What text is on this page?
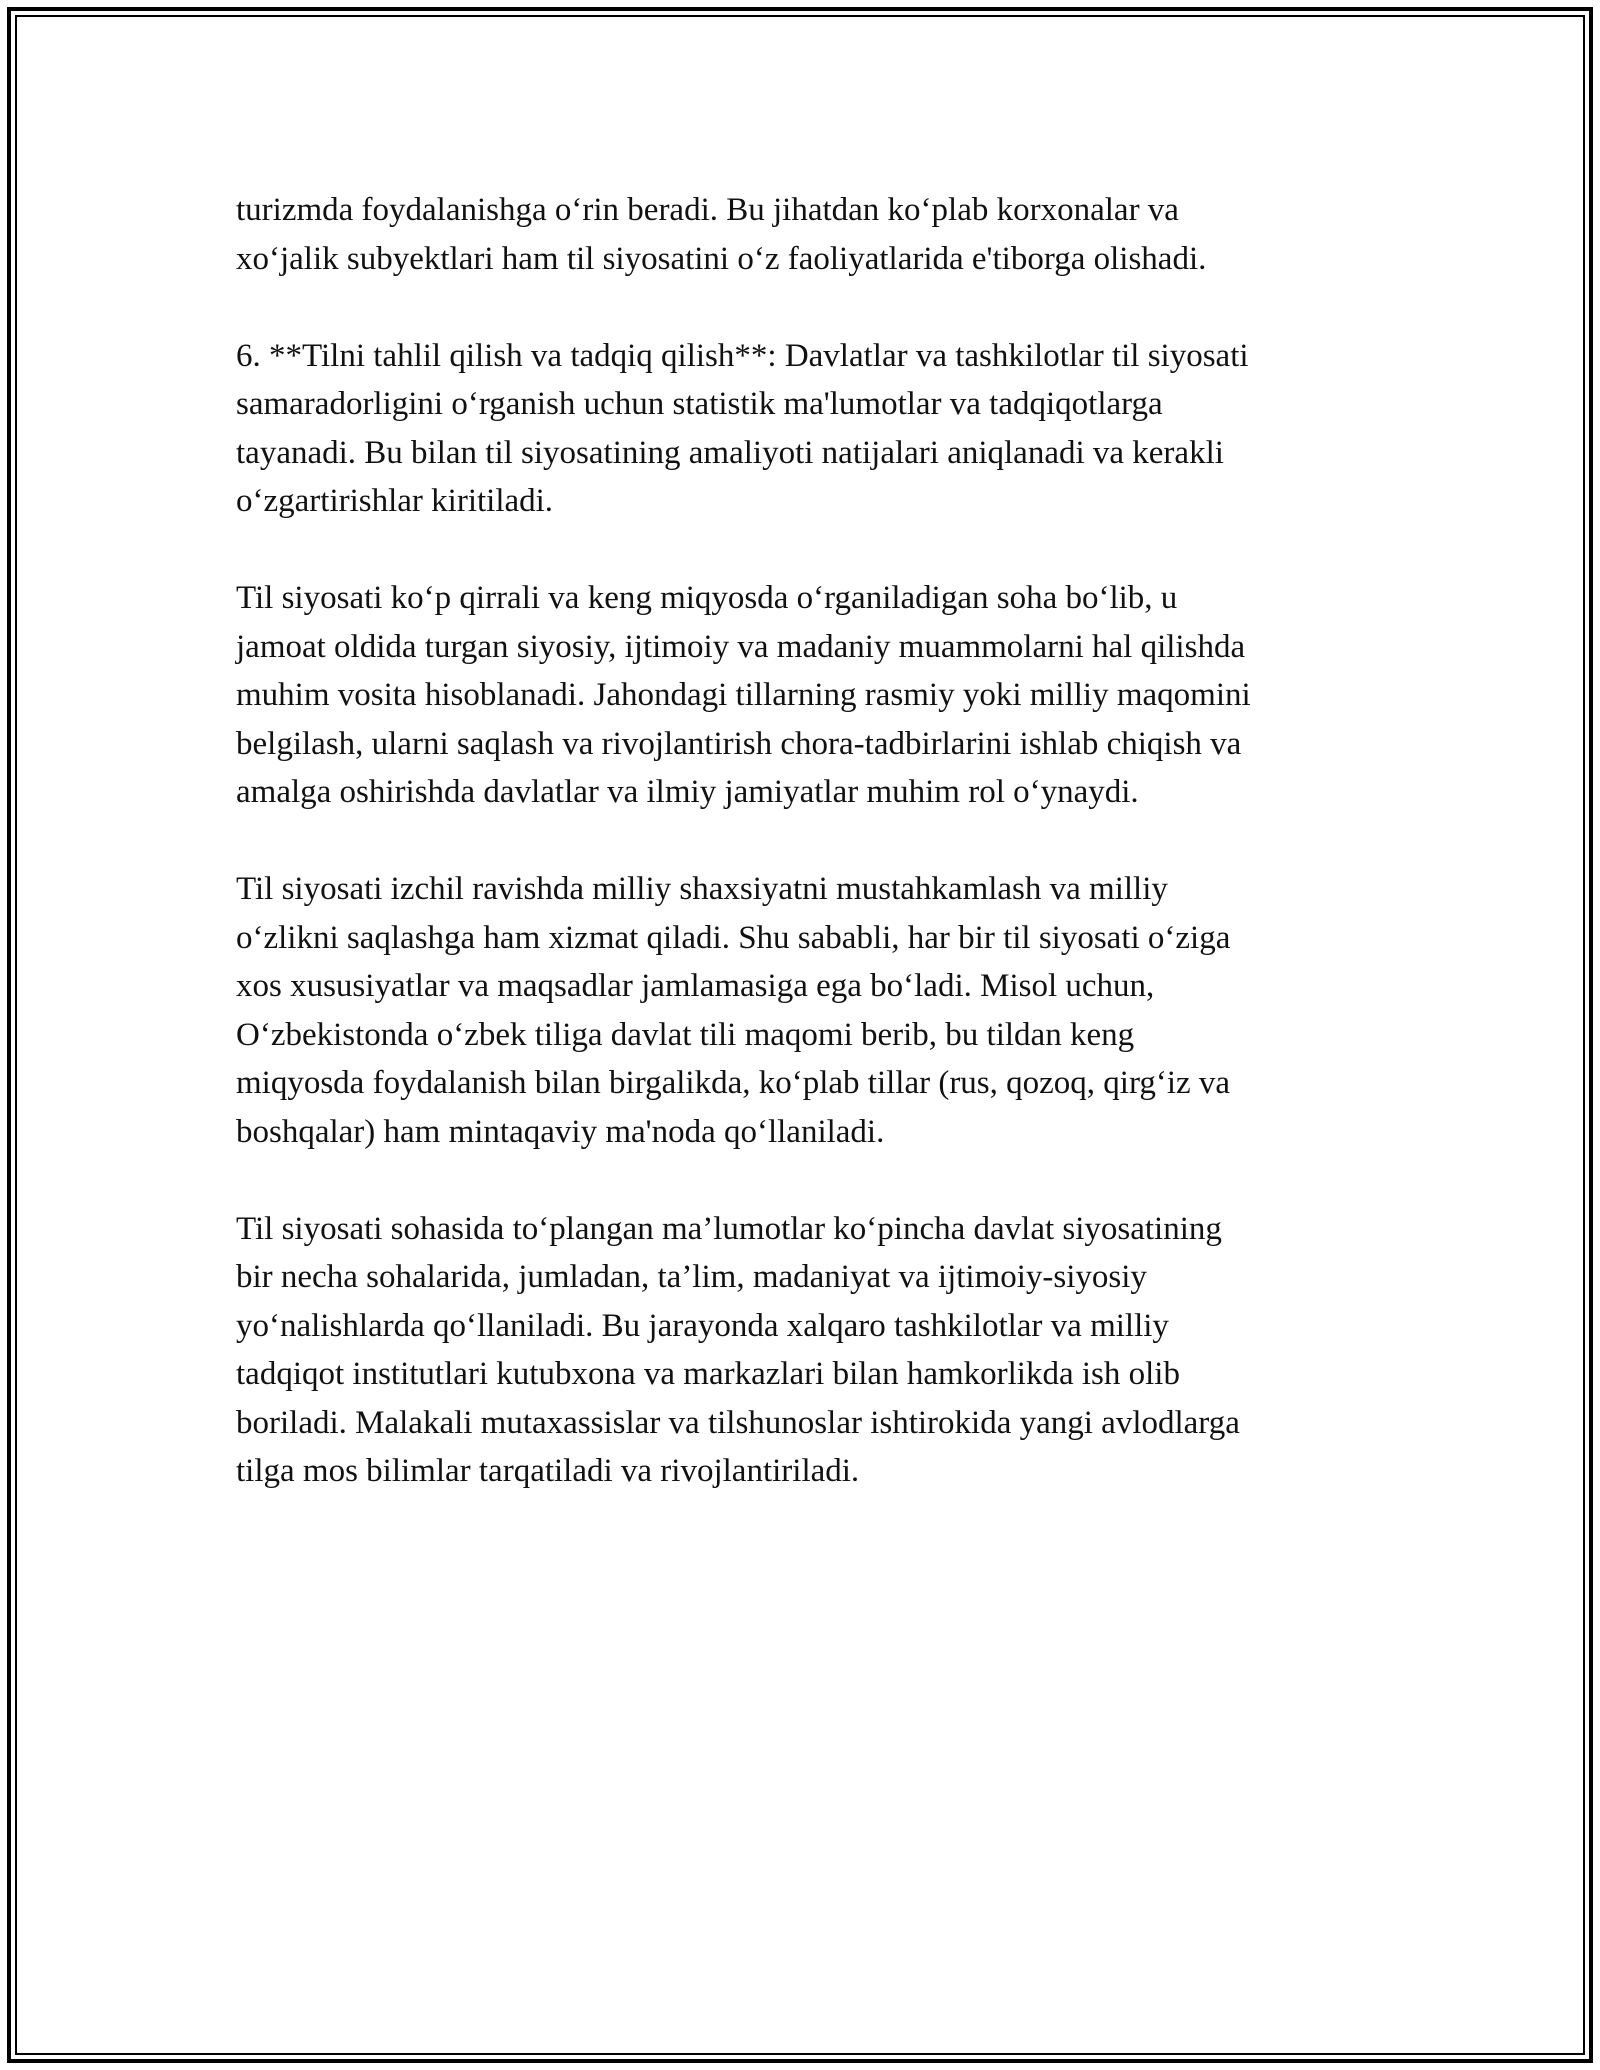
turizmda foydalanishga o‘rin beradi. Bu jihatdan ko‘plab korxonalar va
xo‘jalik subyektlari ham til siyosatini o‘z faoliyatlarida e'tiborga olishadi.

6. **Tilni tahlil qilish va tadqiq qilish**: Davlatlar va tashkilotlar til siyosati
samaradorligini o‘rganish uchun statistik ma'lumotlar va tadqiqotlarga
tayanadi. Bu bilan til siyosatining amaliyoti natijalari aniqlanadi va kerakli
o‘zgartirishlar kiritiladi.

Til siyosati ko‘p qirrali va keng miqyosda o‘rganiladigan soha bo‘lib, u
jamoat oldida turgan siyosiy, ijtimoiy va madaniy muammolarni hal qilishda
muhim vosita hisoblanadi. Jahondagi tillarning rasmiy yoki milliy maqomini
belgilash, ularni saqlash va rivojlantirish chora-tadbirlarini ishlab chiqish va
amalga oshirishda davlatlar va ilmiy jamiyatlar muhim rol o‘ynaydi.

Til siyosati izchil ravishda milliy shaxsiyatni mustahkamlash va milliy
o‘zlikni saqlashga ham xizmat qiladi. Shu sababli, har bir til siyosati o‘ziga
xos xususiyatlar va maqsadlar jamlamasiga ega bo‘ladi. Misol uchun,
O‘zbekistonda o‘zbek tiliga davlat tili maqomi berib, bu tildan keng
miqyosda foydalanish bilan birgalikda, ko‘plab tillar (rus, qozoq, qirg‘iz va
boshqalar) ham mintaqaviy ma'noda qo‘llaniladi.

Til siyosati sohasida to‘plangan ma’lumotlar ko‘pincha davlat siyosatining
bir necha sohalarida, jumladan, ta’lim, madaniyat va ijtimoiy-siyosiy
yo‘nalishlarda qo‘llaniladi. Bu jarayonda xalqaro tashkilotlar va milliy
tadqiqot institutlari kutubxona va markazlari bilan hamkorlikda ish olib
boriladi. Malakali mutaxassislar va tilshunoslar ishtirokida yangi avlodlarga
tilga mos bilimlar tarqatiladi va rivojlantiriladi.
